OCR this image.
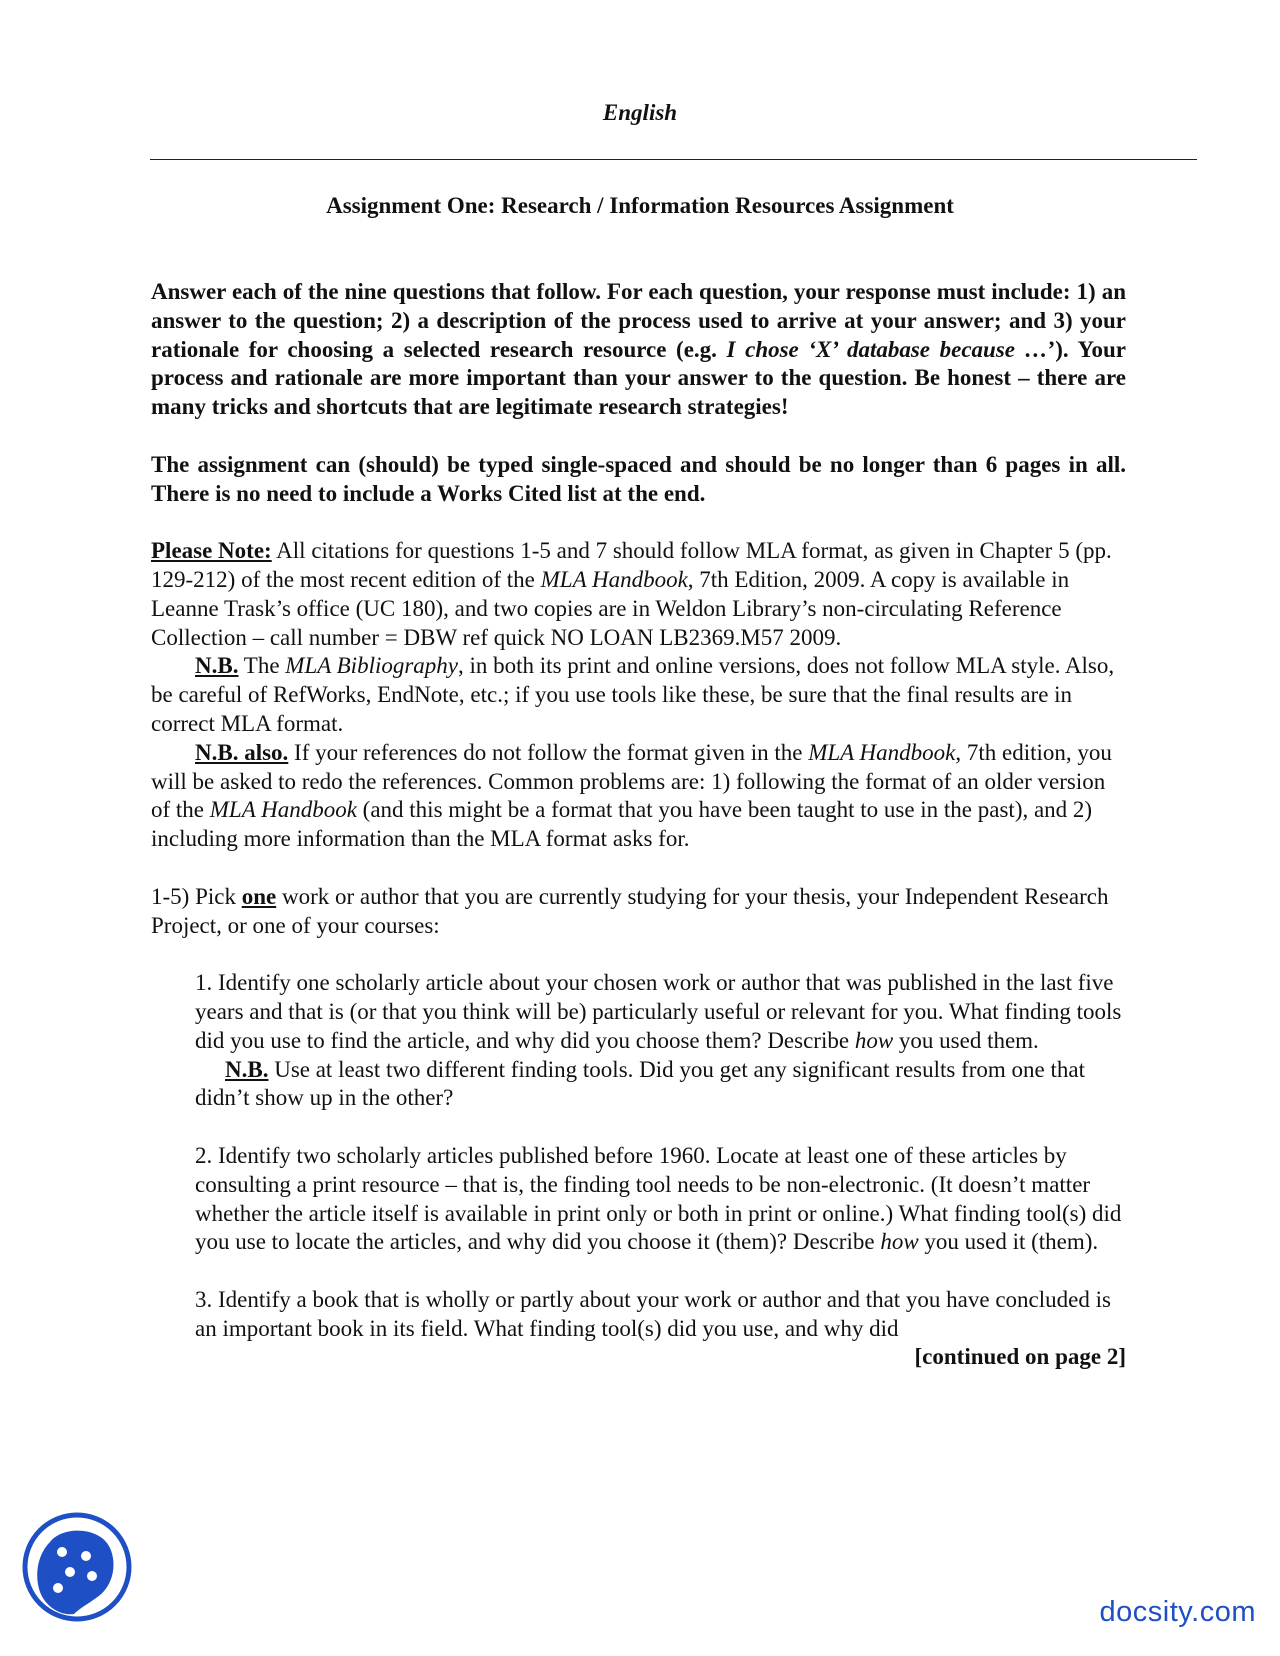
English
Assignment One: Research / Information Resources Assignment

Answer each of the nine questions that follow. For each question, your response must include: 1) an answer to the question; 2) a description of the process used to arrive at your answer; and 3) your rationale for choosing a selected research resource (e.g. I chose ‘X’ database because …’). Your process and rationale are more important than your answer to the question. Be honest – there are many tricks and shortcuts that are legitimate research strategies!

The assignment can (should) be typed single-spaced and should be no longer than 6 pages in all. There is no need to include a Works Cited list at the end.

Please Note: All citations for questions 1-5 and 7 should follow MLA format, as given in Chapter 5 (pp. 129-212) of the most recent edition of the MLA Handbook, 7th Edition, 2009. A copy is available in Leanne Trask’s office (UC 180), and two copies are in Weldon Library’s non-circulating Reference Collection – call number = DBW ref quick NO LOAN LB2369.M57 2009.

N.B. The MLA Bibliography, in both its print and online versions, does not follow MLA style. Also, be careful of RefWorks, EndNote, etc.; if you use tools like these, be sure that the final results are in correct MLA format.

N.B. also. If your references do not follow the format given in the MLA Handbook, 7th edition, you will be asked to redo the references. Common problems are: 1) following the format of an older version of the MLA Handbook (and this might be a format that you have been taught to use in the past), and 2) including more information than the MLA format asks for.

1-5) Pick one work or author that you are currently studying for your thesis, your Independent Research Project, or one of your courses:

1. Identify one scholarly article about your chosen work or author that was published in the last five years and that is (or that you think will be) particularly useful or relevant for you. What finding tools did you use to find the article, and why did you choose them? Describe how you used them.

N.B. Use at least two different finding tools. Did you get any significant results from one that didn’t show up in the other?

2. Identify two scholarly articles published before 1960. Locate at least one of these articles by consulting a print resource – that is, the finding tool needs to be non-electronic. (It doesn’t matter whether the article itself is available in print only or both in print or online.) What finding tool(s) did you use to locate the articles, and why did you choose it (them)? Describe how you used it (them).

3. Identify a book that is wholly or partly about your work or author and that you have concluded is an important book in its field. What finding tool(s) did you use, and why did

[continued on page 2]

docsity.com
